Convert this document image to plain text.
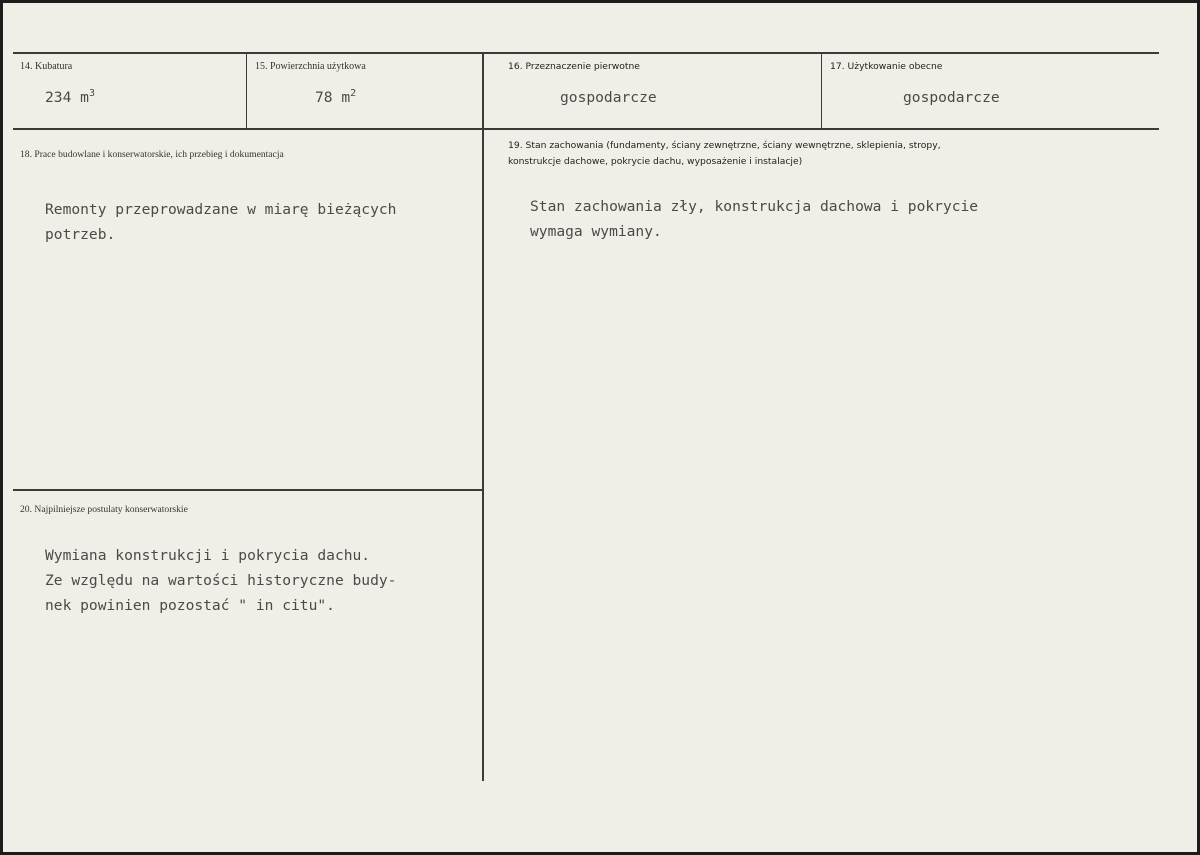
14. Kubatura
234 $m^3$
15. Powierzchnia użytkowa
78 $m^2$
16. Przeznaczenie pierwotne
gospodarcze
17. Użytkowanie obecne
gospodarcze
18. Prace budowlane i konserwatorskie, ich przebieg i dokumentacja
Remonty przeprowadzane w miarę bieżących
potrzeb.
19. Stan zachowania (fundamenty, ściany zewnętrzne, ściany wewnętrzne, sklepienia, stropy,
konstrukcje dachowe, pokrycie dachu, wyposażenie i instalacje)
Stan zachowania zły, konstrukcja dachowa i pokrycie
wymaga wymiany.
20. Najpilniejsze postulaty konserwatorskie
Wymiana konstrukcji i pokrycia dachu.
Ze względu na wartości historyczne budy-
nek powinien pozostać " in citu".
